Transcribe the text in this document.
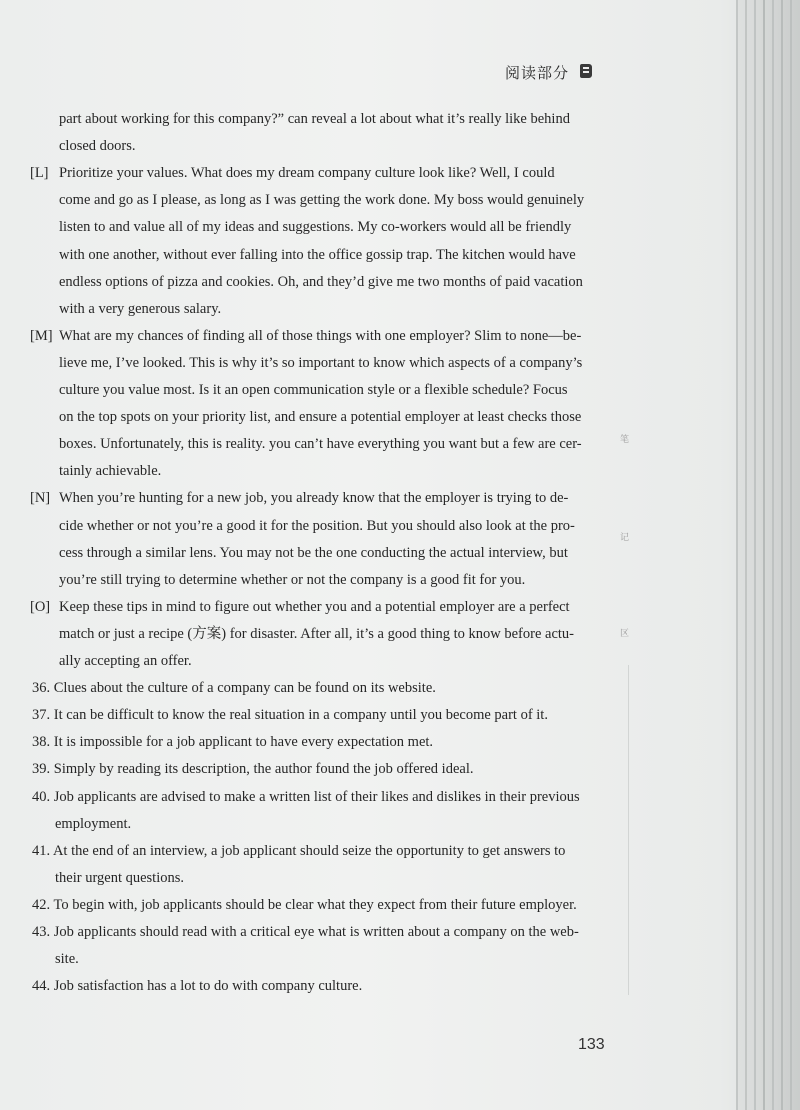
阅读部分
笔
记
区
part about working for this company?” can reveal a lot about what it’s really like behind
closed doors.
[L] Prioritize your values. What does my dream company culture look like? Well, I could
come and go as I please, as long as I was getting the work done. My boss would genuinely
listen to and value all of my ideas and suggestions. My co-workers would all be friendly
with one another, without ever falling into the office gossip trap. The kitchen would have
endless options of pizza and cookies. Oh, and they’d give me two months of paid vacation
with a very generous salary.
[M] What are my chances of finding all of those things with one employer? Slim to none—be-
lieve me, I’ve looked. This is why it’s so important to know which aspects of a company’s
culture you value most. Is it an open communication style or a flexible schedule? Focus
on the top spots on your priority list, and ensure a potential employer at least checks those
boxes. Unfortunately, this is reality. you can’t have everything you want but a few are cer-
tainly achievable.
[N] When you’re hunting for a new job, you already know that the employer is trying to de-
cide whether or not you’re a good it for the position. But you should also look at the pro-
cess through a similar lens. You may not be the one conducting the actual interview, but
you’re still trying to determine whether or not the company is a good fit for you.
[O] Keep these tips in mind to figure out whether you and a potential employer are a perfect
match or just a recipe (方案) for disaster. After all, it’s a good thing to know before actu-
ally accepting an offer.
36. Clues about the culture of a company can be found on its website.
37. It can be difficult to know the real situation in a company until you become part of it.
38. It is impossible for a job applicant to have every expectation met.
39. Simply by reading its description, the author found the job offered ideal.
40. Job applicants are advised to make a written list of their likes and dislikes in their previous
employment.
41. At the end of an interview, a job applicant should seize the opportunity to get answers to
their urgent questions.
42. To begin with, job applicants should be clear what they expect from their future employer.
43. Job applicants should read with a critical eye what is written about a company on the web-
site.
44. Job satisfaction has a lot to do with company culture.
133
